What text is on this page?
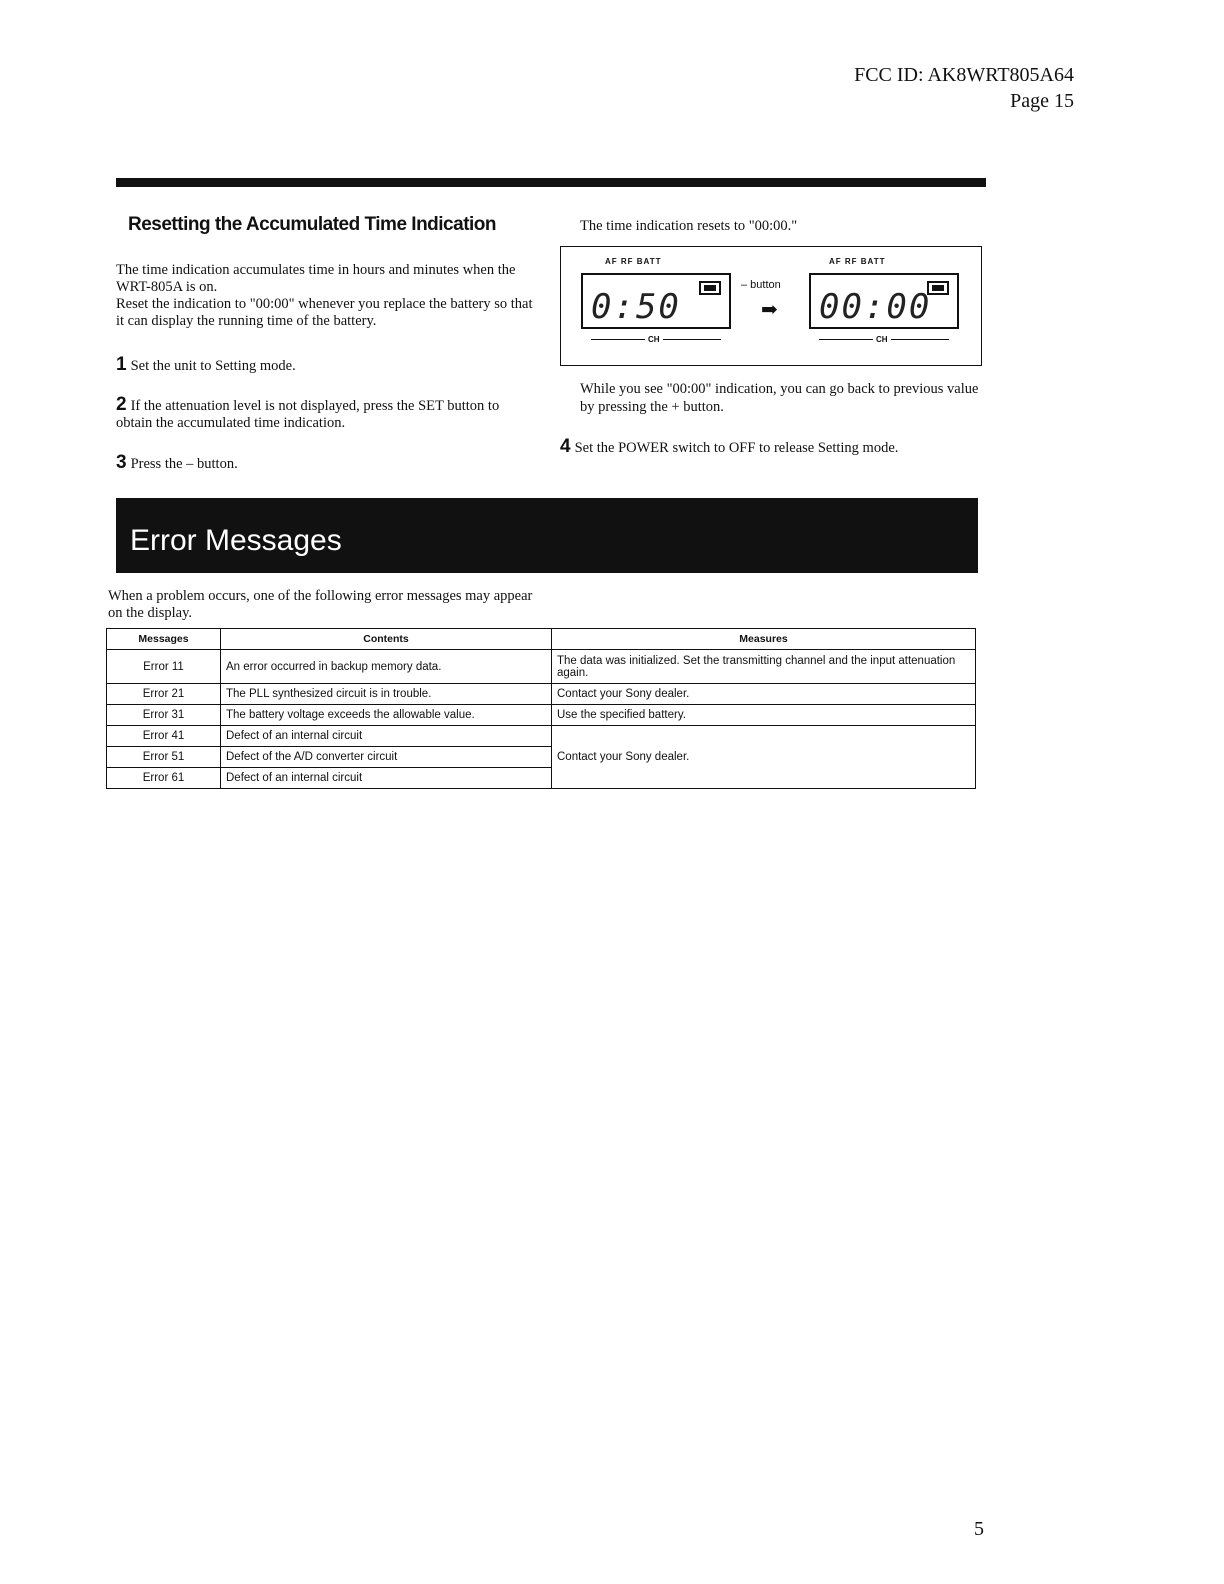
FCC ID: AK8WRT805A64
Page 15
Resetting the Accumulated Time Indication
The time indication accumulates time in hours and minutes when the WRT-805A is on.
Reset the indication to "00:00" whenever you replace the battery so that it can display the running time of the battery.
1 Set the unit to Setting mode.
2 If the attenuation level is not displayed, press the SET button to obtain the accumulated time indication.
3 Press the – button.
The time indication resets to "00:00."
AF RF BATT
0:50
CH
– button
➡
AF RF BATT
00:00
CH
While you see "00:00" indication, you can go back to previous value by pressing the + button.
4 Set the POWER switch to OFF to release Setting mode.
Error Messages
When a problem occurs, one of the following error messages may appear on the display.
Messages	Contents	Measures
Error 11	An error occurred in backup memory data.	The data was initialized. Set the transmitting channel and the input attenuation again.
Error 21	The PLL synthesized circuit is in trouble.	Contact your Sony dealer.
Error 31	The battery voltage exceeds the allowable value.	Use the specified battery.
Error 41	Defect of an internal circuit	Contact your Sony dealer.
Error 51	Defect of the A/D converter circuit	
Error 61	Defect of an internal circuit	
5
